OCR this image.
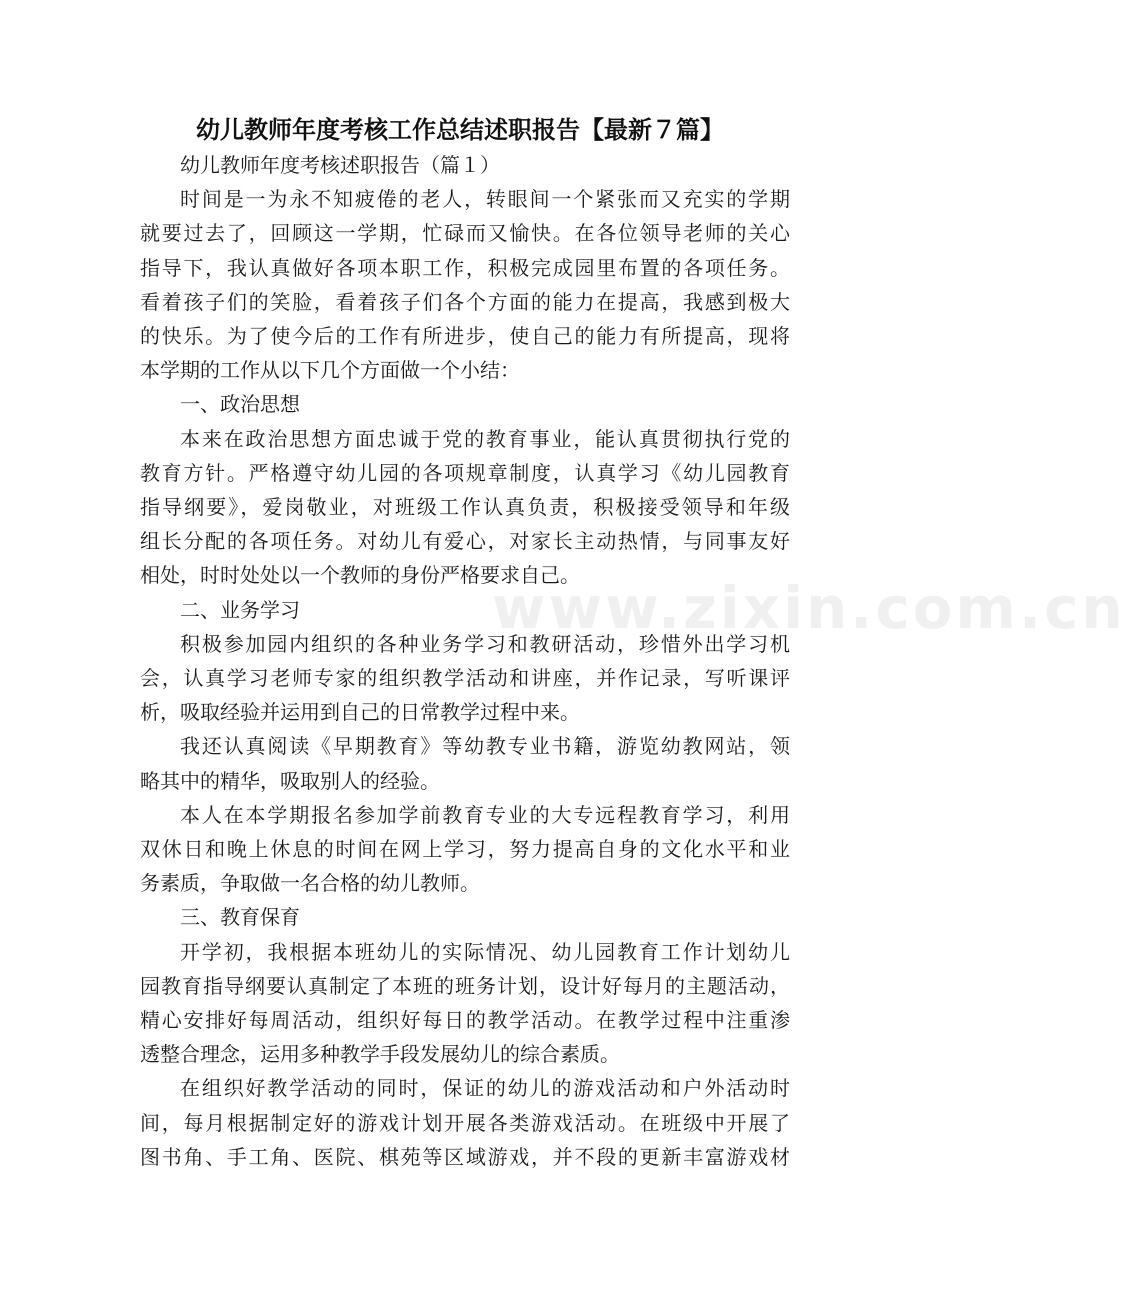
www.zixin.com.cn
幼儿教师年度考核工作总结述职报告【最新７篇】

幼儿教师年度考核述职报告（篇１）

时间是一为永不知疲倦的老人，转眼间一个紧张而又充实的学期

就要过去了，回顾这一学期，忙碌而又愉快。在各位领导老师的关心

指导下，我认真做好各项本职工作，积极完成园里布置的各项任务。

看着孩子们的笑脸，看着孩子们各个方面的能力在提高，我感到极大

的快乐。为了使今后的工作有所进步，使自己的能力有所提高，现将

本学期的工作从以下几个方面做一个小结：

一、政治思想

本来在政治思想方面忠诚于党的教育事业，能认真贯彻执行党的

教育方针。严格遵守幼儿园的各项规章制度，认真学习《幼儿园教育

指导纲要》，爱岗敬业，对班级工作认真负责，积极接受领导和年级

组长分配的各项任务。对幼儿有爱心，对家长主动热情，与同事友好

相处，时时处处以一个教师的身份严格要求自己。

二、业务学习

积极参加园内组织的各种业务学习和教研活动，珍惜外出学习机

会，认真学习老师专家的组织教学活动和讲座，并作记录，写听课评

析，吸取经验并运用到自己的日常教学过程中来。

我还认真阅读《早期教育》等幼教专业书籍，游览幼教网站，领

略其中的精华，吸取别人的经验。

本人在本学期报名参加学前教育专业的大专远程教育学习，利用

双休日和晚上休息的时间在网上学习，努力提高自身的文化水平和业

务素质，争取做一名合格的幼儿教师。

三、教育保育

开学初，我根据本班幼儿的实际情况、幼儿园教育工作计划幼儿

园教育指导纲要认真制定了本班的班务计划，设计好每月的主题活动，

精心安排好每周活动，组织好每日的教学活动。在教学过程中注重渗

透整合理念，运用多种教学手段发展幼儿的综合素质。

在组织好教学活动的同时，保证的幼儿的游戏活动和户外活动时

间，每月根据制定好的游戏计划开展各类游戏活动。在班级中开展了

图书角、手工角、医院、棋苑等区域游戏，并不段的更新丰富游戏材
